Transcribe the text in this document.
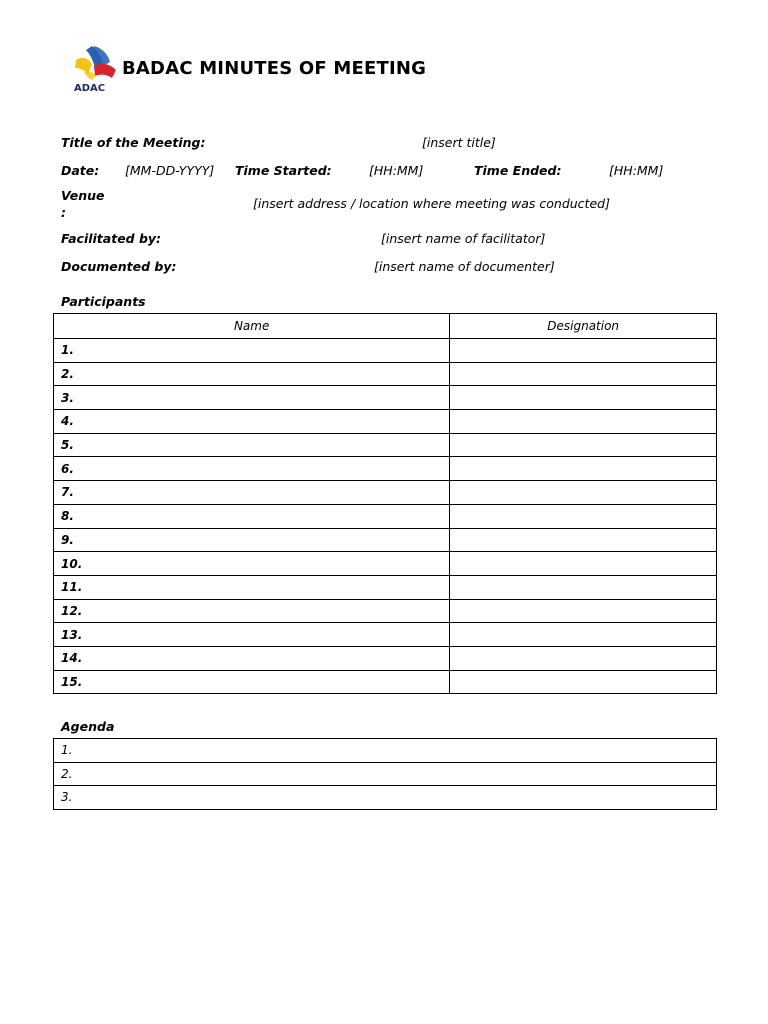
ADAC
BADAC MINUTES OF MEETING
Title of the Meeting:	[insert title]
Date: [MM-DD-YYYY] Time Started:	[HH:MM]	Time Ended:	[HH:MM]
Venue
:
[insert address / location where meeting was conducted]
Facilitated by:	[insert name of facilitator]
Documented by:	[insert name of documenter]
Participants
Name	Designation
1.	
2.	
3.	
4.	
5.	
6.	
7.	
8.	
9.	
10.	
11.	
12.	
13.	
14.	
15.	
Agenda
1.
2.
3.
